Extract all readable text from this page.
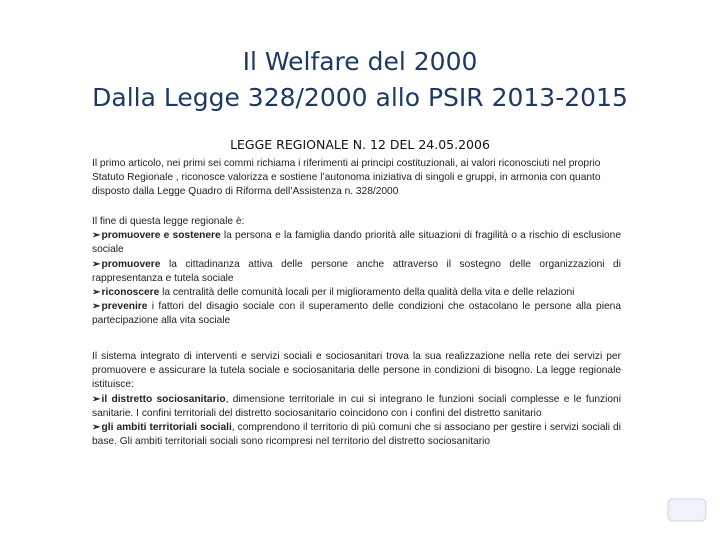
Il Welfare del 2000
Dalla Legge 328/2000 allo PSIR 2013-2015
LEGGE REGIONALE N. 12 DEL 24.05.2006

Il primo articolo, nei primi sei commi richiama i riferimenti ai principi costituzionali, ai valori riconosciuti nel proprio Statuto Regionale , riconosce valorizza e sostiene l’autonoma iniziativa di singoli e gruppi, in armonia con quanto disposto dalla Legge Quadro di Riforma dell’Assistenza n. 328/2000

Il fine di questa legge regionale è:

➢promuovere e sostenere la persona e la famiglia dando priorità alle situazioni di fragilità o a rischio di esclusione sociale

➢promuovere la cittadinanza attiva delle persone anche attraverso il sostegno delle organizzazioni di rappresentanza e tutela sociale

➢riconoscere la centralità delle comunità locali per il miglioramento della qualità della vita e delle relazioni

➢prevenire i fattori del disagio sociale con il superamento delle condizioni che ostacolano le persone alla piena partecipazione alla vita sociale

Il sistema integrato di interventi e servizi sociali e sociosanitari trova la sua realizzazione nella rete dei servizi per promuovere e assicurare la tutela sociale e sociosanitaria delle persone in condizioni di bisogno. La legge regionale istituisce:

➢il distretto sociosanitario, dimensione territoriale in cui si integrano le funzioni sociali complesse e le funzioni sanitarie. I confini territoriali del distretto sociosanitario coincidono con i confini del distretto sanitario

➢gli ambiti territoriali sociali, comprendono il territorio di più comuni che si associano per gestire i servizi sociali di base. Gli ambiti territoriali sociali sono ricompresi nel territorio del distretto sociosanitario
